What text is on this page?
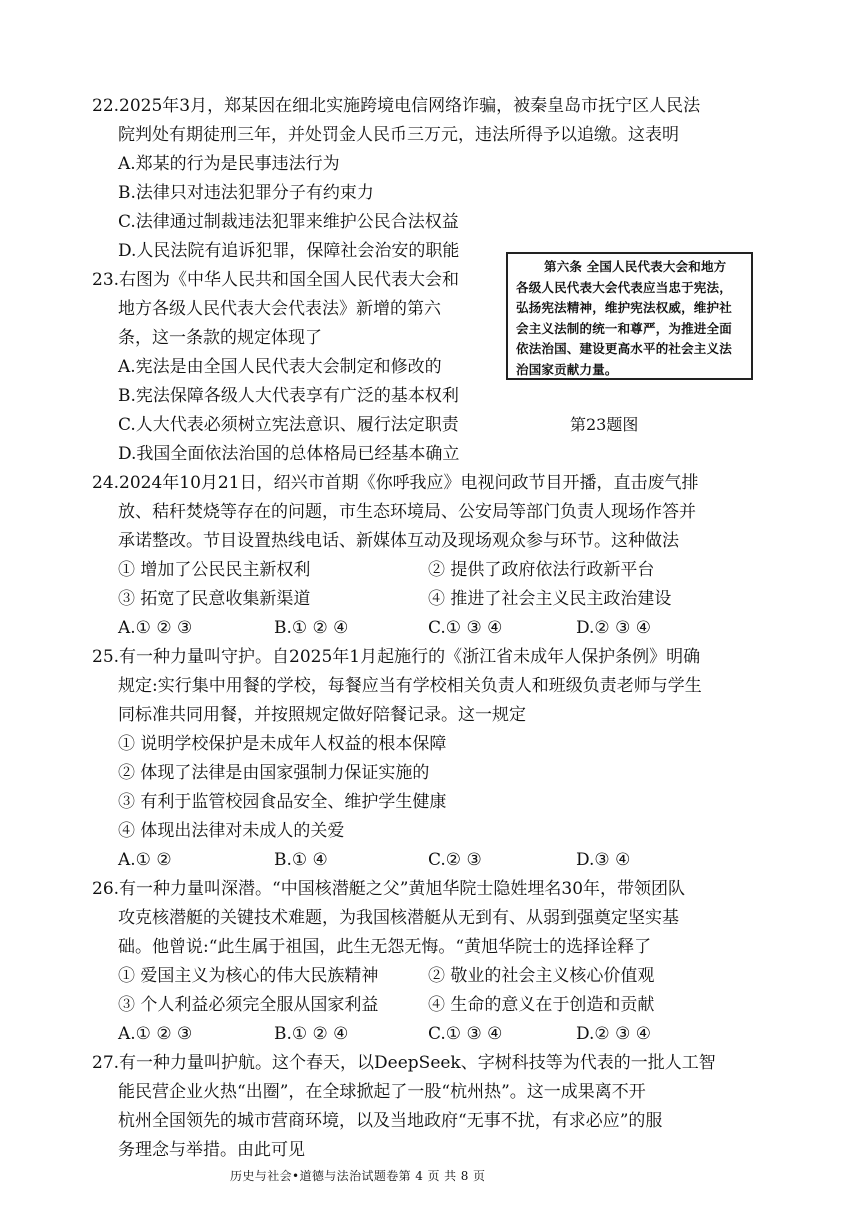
22.2025年3月，郑某因在细北实施跨境电信网络诈骗，被秦皇岛市抚宁区人民法
院判处有期徒刑三年，并处罚金人民币三万元，违法所得予以追缴。这表明
A.郑某的行为是民事违法行为
B.法律只对违法犯罪分子有约束力
C.法律通过制裁违法犯罪来维护公民合法权益
D.人民法院有追诉犯罪，保障社会治安的职能
23.右图为《中华人民共和国全国人民代表大会和
地方各级人民代表大会代表法》新增的第六
条，这一条款的规定体现了
A.宪法是由全国人民代表大会制定和修改的
B.宪法保障各级人大代表享有广泛的基本权利
C.人大代表必须树立宪法意识、履行法定职责
D.我国全面依法治国的总体格局已经基本确立
第六条 全国人民代表大会和地方
各级人民代表大会代表应当忠于宪法，
弘扬宪法精神，维护宪法权威，维护社
会主义法制的统一和尊严，为推进全面
依法治国、建设更高水平的社会主义法
治国家贡献力量。
第23题图
24.2024年10月21日，绍兴市首期《你呼我应》电视问政节目开播，直击废气排
放、秸秆焚烧等存在的问题，市生态环境局、公安局等部门负责人现场作答并
承诺整改。节目设置热线电话、新媒体互动及现场观众参与环节。这种做法
① 增加了公民民主新权利	② 提供了政府依法行政新平台
③ 拓宽了民意收集新渠道	④ 推进了社会主义民主政治建设
A.① ② ③	B.① ② ④	C.① ③ ④	D.② ③ ④
25.有一种力量叫守护。自2025年1月起施行的《浙江省未成年人保护条例》明确
规定:实行集中用餐的学校，每餐应当有学校相关负责人和班级负责老师与学生
同标准共同用餐，并按照规定做好陪餐记录。这一规定
① 说明学校保护是未成年人权益的根本保障
② 体现了法律是由国家强制力保证实施的
③ 有利于监管校园食品安全、维护学生健康
④ 体现出法律对未成人的关爱
A.① ②	B.① ④	C.② ③	D.③ ④
26.有一种力量叫深潜。“中国核潜艇之父”黄旭华院士隐姓埋名30年，带领团队
攻克核潜艇的关键技术难题，为我国核潜艇从无到有、从弱到强奠定坚实基
础。他曾说:“此生属于祖国，此生无怨无悔。“黄旭华院士的选择诠释了
① 爱国主义为核心的伟大民族精神	② 敬业的社会主义核心价值观
③ 个人利益必须完全服从国家利益	④ 生命的意义在于创造和贡献
A.① ② ③	B.① ② ④	C.① ③ ④	D.② ③ ④
27.有一种力量叫护航。这个春天，以DeepSeek、字树科技等为代表的一批人工智
能民营企业火热“出圈”，在全球掀起了一股“杭州热”。这一成果离不开
杭州全国领先的城市营商环境，以及当地政府“无事不扰，有求必应”的服
历史与社会•道德与法治试题卷第 4 页 共 8 页
务理念与举措。由此可见
